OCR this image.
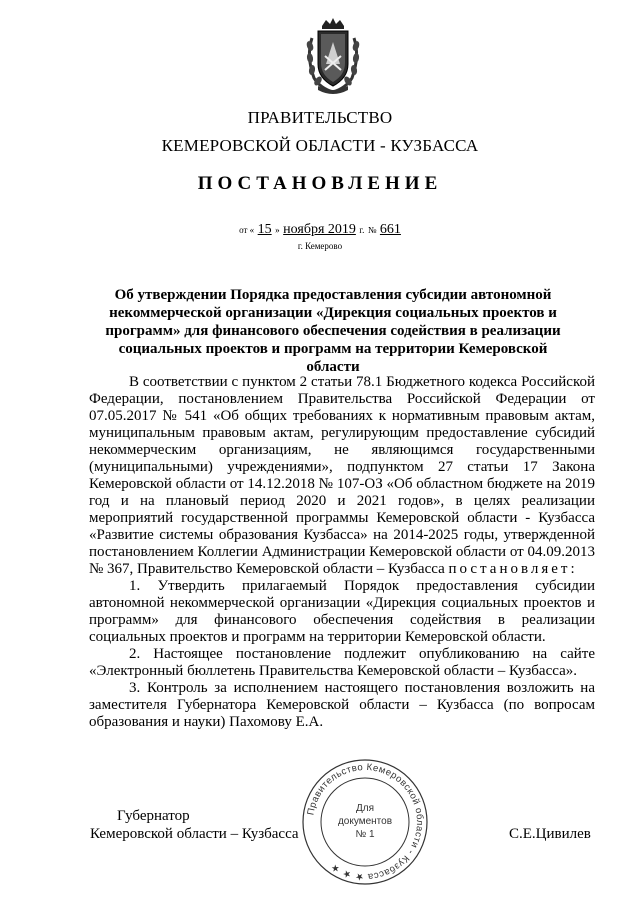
ПРАВИТЕЛЬСТВО
КЕМЕРОВСКОЙ ОБЛАСТИ - КУЗБАССА
ПОСТАНОВЛЕНИЕ
от « 15 » ноября 2019 г. № 661
г. Кемерово
Об утверждении Порядка предоставления субсидии автономной некоммерческой организации «Дирекция социальных проектов и программ» для финансового обеспечения содействия в реализации социальных проектов и программ на территории Кемеровской области

В соответствии с пунктом 2 статьи 78.1 Бюджетного кодекса Российской Федерации, постановлением Правительства Российской Федерации от 07.05.2017 № 541 «Об общих требованиях к нормативным правовым актам, муниципальным правовым актам, регулирующим предоставление субсидий некоммерческим организациям, не являющимся государственными (муниципальными) учреждениями», подпунктом 27 статьи 17 Закона Кемеровской области от 14.12.2018 № 107-ОЗ «Об областном бюджете на 2019 год и на плановый период 2020 и 2021 годов», в целях реализации мероприятий государственной программы Кемеровской области - Кузбасса «Развитие системы образования Кузбасса» на 2014-2025 годы, утвержденной постановлением Коллегии Администрации Кемеровской области от 04.09.2013 № 367, Правительство Кемеровской области – Кузбасса постановляет:

1. Утвердить прилагаемый Порядок предоставления субсидии автономной некоммерческой организации «Дирекция социальных проектов и программ» для финансового обеспечения содействия в реализации социальных проектов и программ на территории Кемеровской области.

2. Настоящее постановление подлежит опубликованию на сайте «Электронный бюллетень Правительства Кемеровской области – Кузбасса».

3. Контроль за исполнением настоящего постановления возложить на заместителя Губернатора Кемеровской области – Кузбасса (по вопросам образования и науки) Пахомову Е.А.

Губернатор
Кемеровской области – Кузбасса	С.Е.Цивилев
Правительство Кемеровской области - Кузбасса ★ ★ ★
Для
документов
№ 1
